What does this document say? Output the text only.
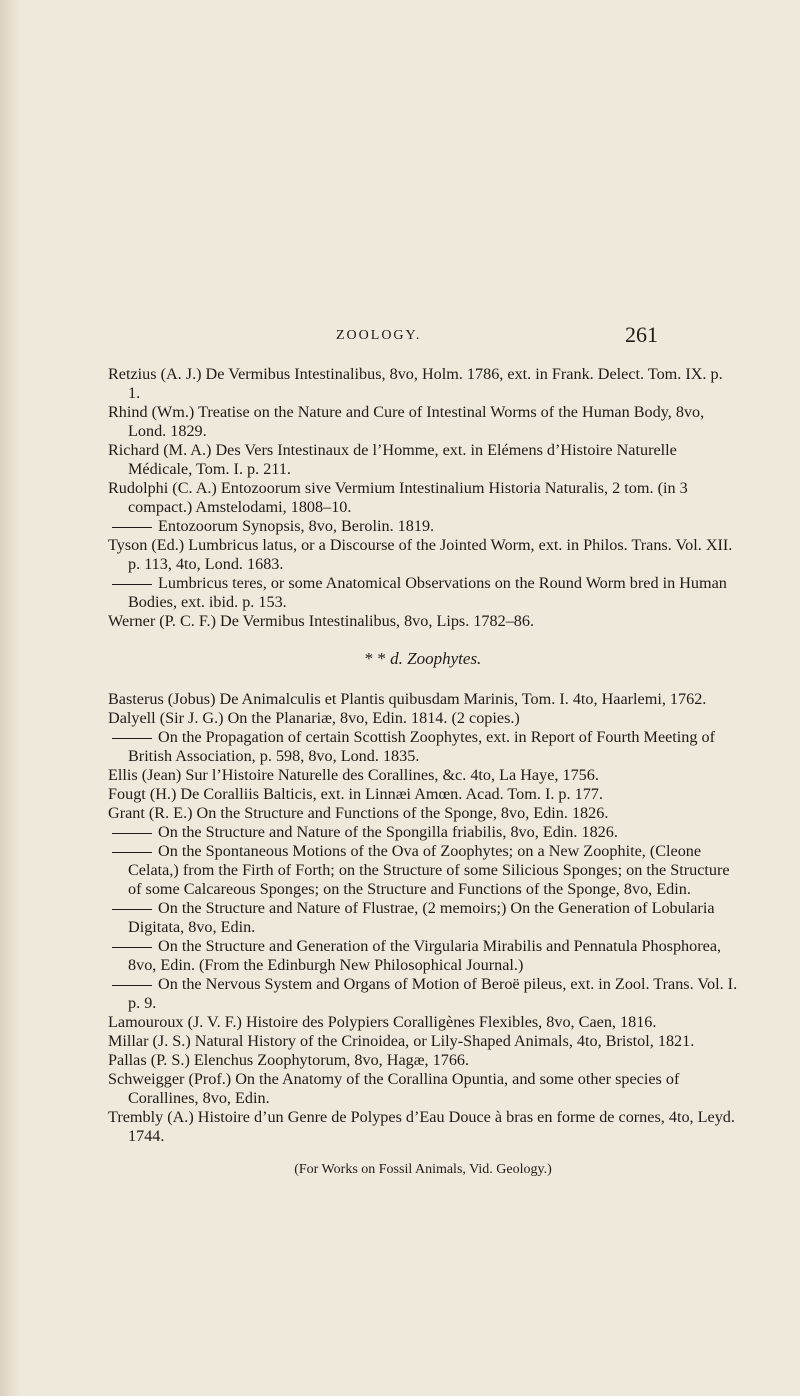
ZOOLOGY.	261

Retzius (A. J.) De Vermibus Intestinalibus, 8vo, Holm. 1786, ext. in Frank. Delect. Tom. IX. p. 1.

Rhind (Wm.) Treatise on the Nature and Cure of Intestinal Worms of the Human Body, 8vo, Lond. 1829.

Richard (M. A.) Des Vers Intestinaux de l’Homme, ext. in Elémens d’Histoire Naturelle Médicale, Tom. I. p. 211.

Rudolphi (C. A.) Entozoorum sive Vermium Intestinalium Historia Naturalis, 2 tom. (in 3 compact.) Amstelodami, 1808–10.

Entozoorum Synopsis, 8vo, Berolin. 1819.

Tyson (Ed.) Lumbricus latus, or a Discourse of the Jointed Worm, ext. in Philos. Trans. Vol. XII. p. 113, 4to, Lond. 1683.

Lumbricus teres, or some Anatomical Observations on the Round Worm bred in Human Bodies, ext. ibid. p. 153.

Werner (P. C. F.) De Vermibus Intestinalibus, 8vo, Lips. 1782–86.

* * d. Zoophytes.

Basterus (Jobus) De Animalculis et Plantis quibusdam Marinis, Tom. I. 4to, Haarlemi, 1762.

Dalyell (Sir J. G.) On the Planariæ, 8vo, Edin. 1814. (2 copies.)

On the Propagation of certain Scottish Zoophytes, ext. in Report of Fourth Meeting of British Association, p. 598, 8vo, Lond. 1835.

Ellis (Jean) Sur l’Histoire Naturelle des Corallines, &c. 4to, La Haye, 1756.

Fougt (H.) De Coralliis Balticis, ext. in Linnæi Amœn. Acad. Tom. I. p. 177.

Grant (R. E.) On the Structure and Functions of the Sponge, 8vo, Edin. 1826.

On the Structure and Nature of the Spongilla friabilis, 8vo, Edin. 1826.

On the Spontaneous Motions of the Ova of Zoophytes; on a New Zoophite, (Cleone Celata,) from the Firth of Forth; on the Structure of some Silicious Sponges; on the Structure of some Calcareous Sponges; on the Structure and Functions of the Sponge, 8vo, Edin.

On the Structure and Nature of Flustrae, (2 memoirs;) On the Generation of Lobularia Digitata, 8vo, Edin.

On the Structure and Generation of the Virgularia Mirabilis and Pennatula Phosphorea, 8vo, Edin. (From the Edinburgh New Philosophical Journal.)

On the Nervous System and Organs of Motion of Beroë pileus, ext. in Zool. Trans. Vol. I. p. 9.

Lamouroux (J. V. F.) Histoire des Polypiers Coralligènes Flexibles, 8vo, Caen, 1816.

Millar (J. S.) Natural History of the Crinoidea, or Lily-Shaped Animals, 4to, Bristol, 1821.

Pallas (P. S.) Elenchus Zoophytorum, 8vo, Hagæ, 1766.

Schweigger (Prof.) On the Anatomy of the Corallina Opuntia, and some other species of Corallines, 8vo, Edin.

Trembly (A.) Histoire d’un Genre de Polypes d’Eau Douce à bras en forme de cornes, 4to, Leyd. 1744.

(For Works on Fossil Animals, Vid. Geology.)
